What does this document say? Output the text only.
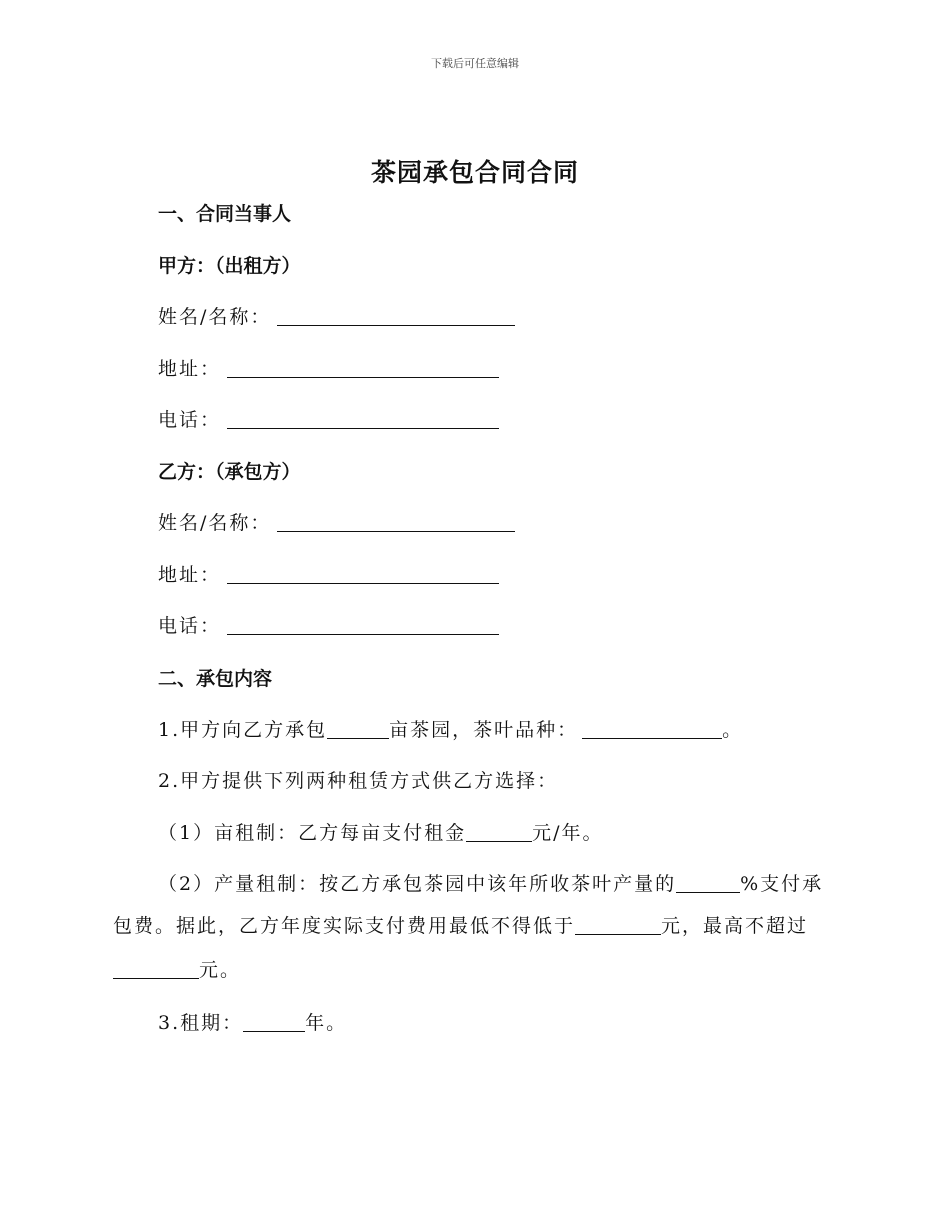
下载后可任意编辑
茶园承包合同合同
一、合同当事人
甲方：（出租方）
姓名/名称：
地址：
电话：
乙方：（承包方）
姓名/名称：
地址：
电话：
二、承包内容
1.甲方向乙方承包	亩茶园，茶叶品种：	。
2.甲方提供下列两种租赁方式供乙方选择：
（1）亩租制：乙方每亩支付租金	元/年。
（2）产量租制：按乙方承包茶园中该年所收茶叶产量的	%支付承
包费。据此，乙方年度实际支付费用最低不得低于	元，最高不超过
元。
3.租期：	年。
